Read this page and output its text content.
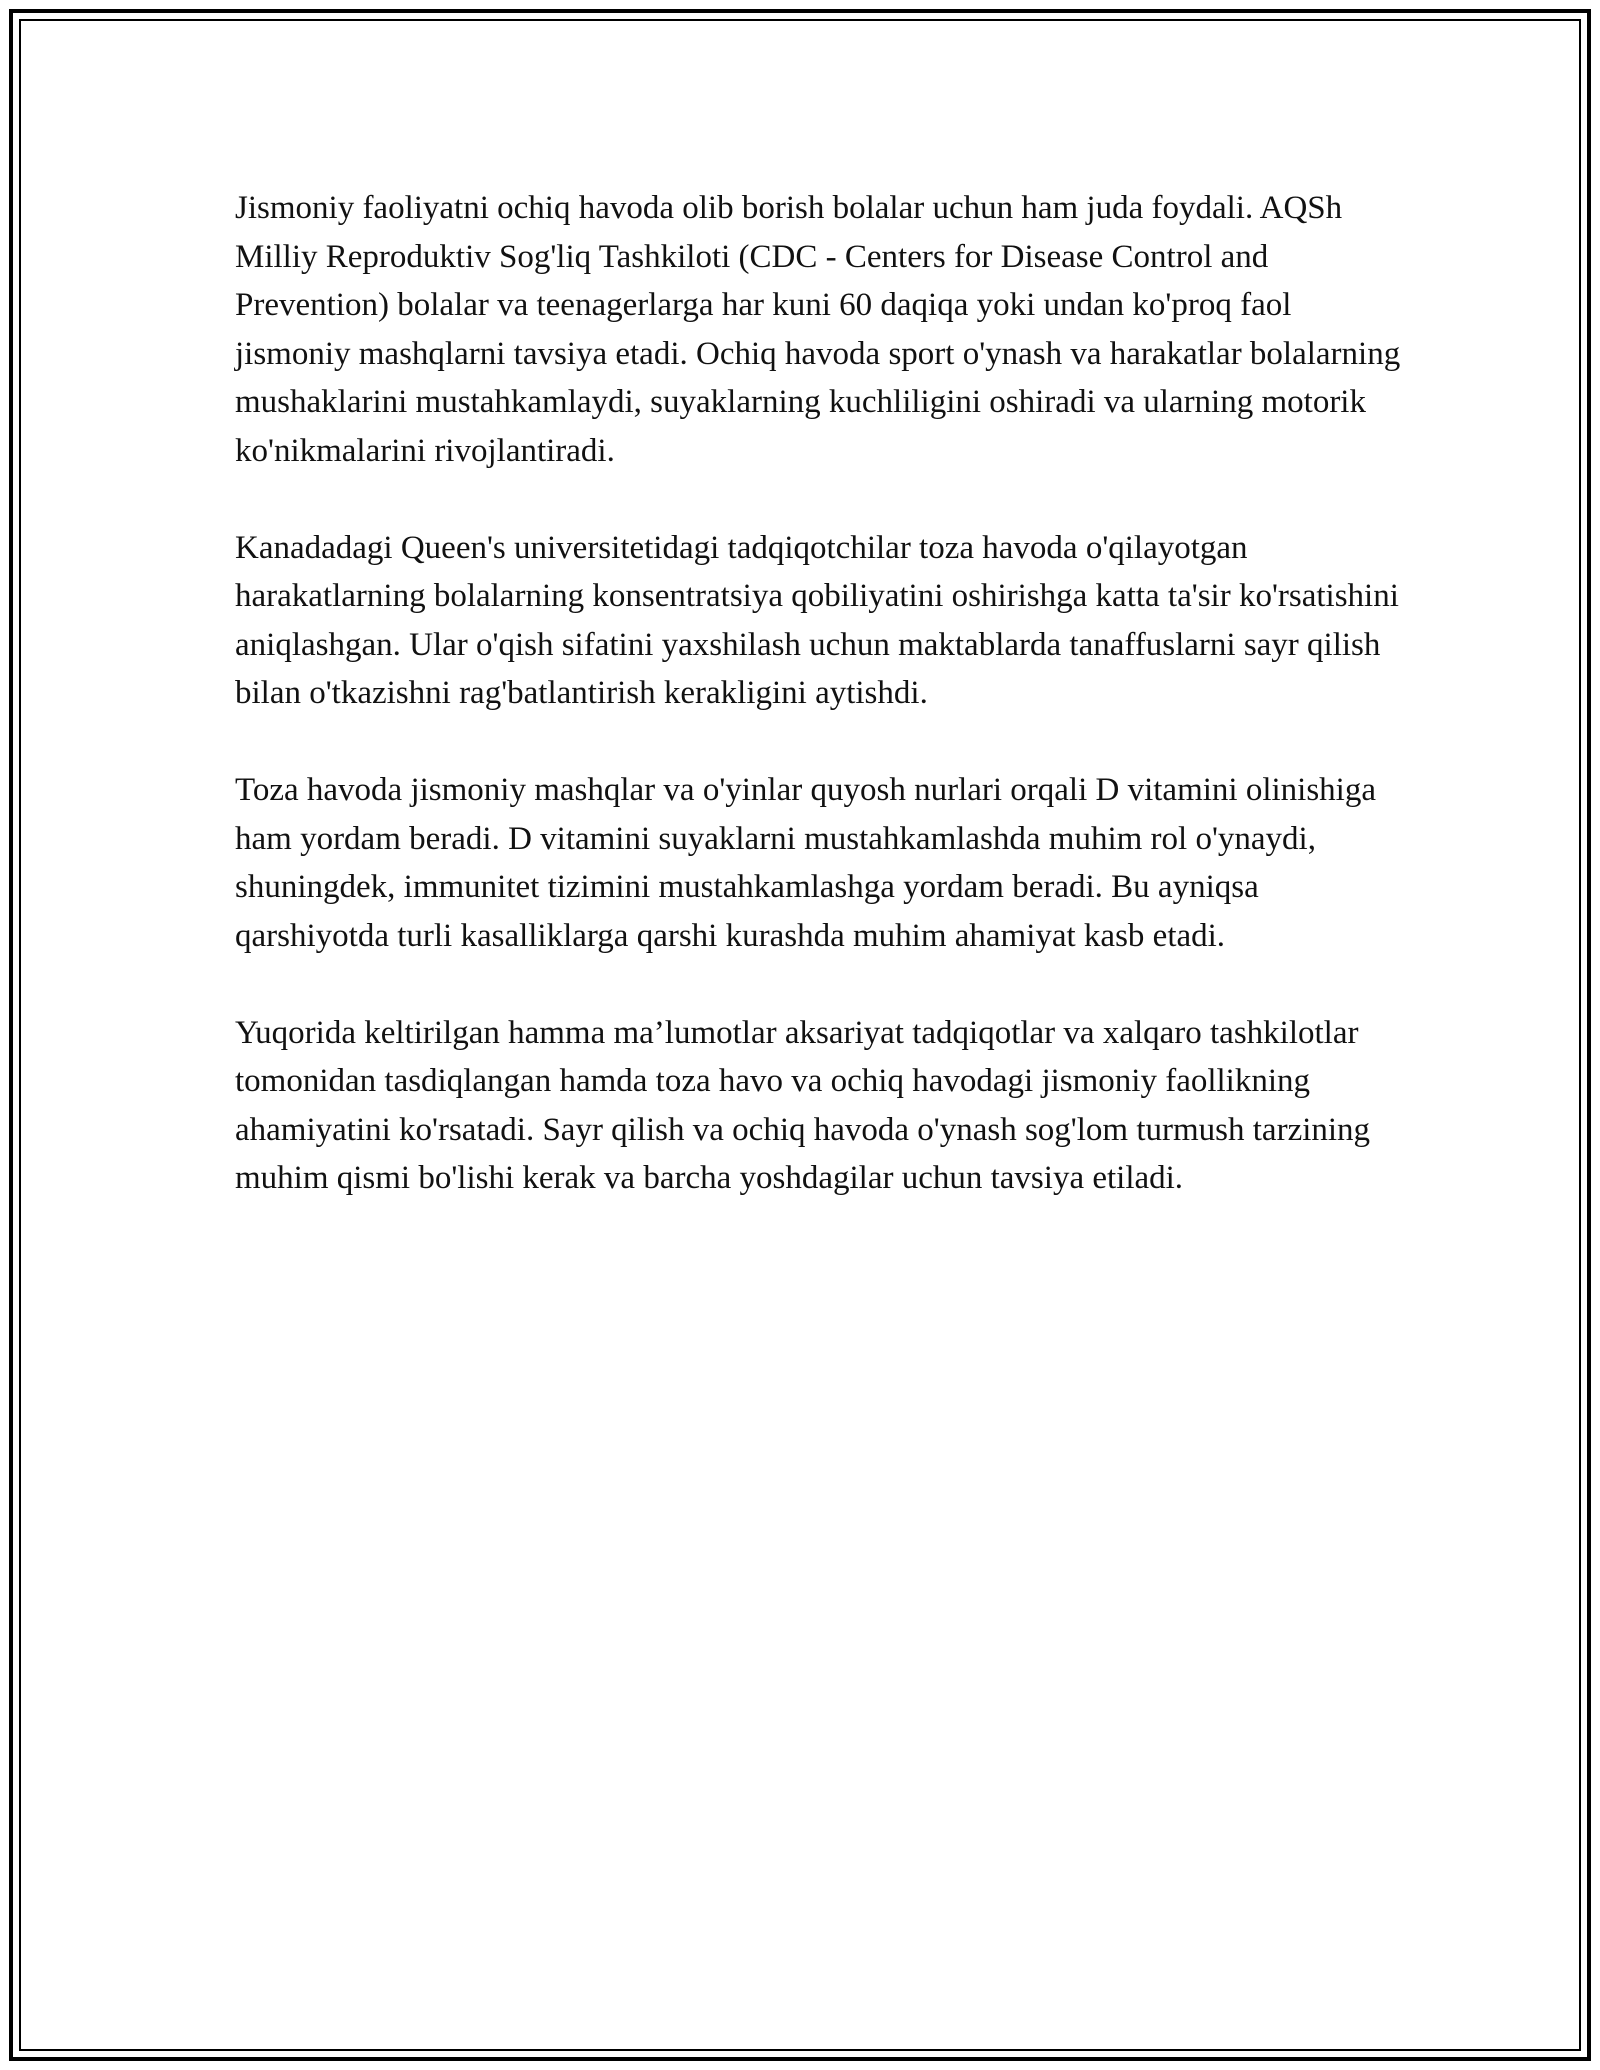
Jismoniy faoliyatni ochiq havoda olib borish bolalar uchun ham juda foydali. AQSh Milliy Reproduktiv Sog'liq Tashkiloti (CDC - Centers for Disease Control and Prevention) bolalar va teenagerlarga har kuni 60 daqiqa yoki undan ko'proq faol jismoniy mashqlarni tavsiya etadi. Ochiq havoda sport o'ynash va harakatlar bolalarning mushaklarini mustahkamlaydi, suyaklarning kuchliligini oshiradi va ularning motorik ko'nikmalarini rivojlantiradi.

Kanadadagi Queen's universitetidagi tadqiqotchilar toza havoda o'qilayotgan harakatlarning bolalarning konsentratsiya qobiliyatini oshirishga katta ta'sir ko'rsatishini aniqlashgan. Ular o'qish sifatini yaxshilash uchun maktablarda tanaffuslarni sayr qilish bilan o'tkazishni rag'batlantirish kerakligini aytishdi.

Toza havoda jismoniy mashqlar va o'yinlar quyosh nurlari orqali D vitamini olinishiga ham yordam beradi. D vitamini suyaklarni mustahkamlashda muhim rol o'ynaydi, shuningdek, immunitet tizimini mustahkamlashga yordam beradi. Bu ayniqsa qarshiyotda turli kasalliklarga qarshi kurashda muhim ahamiyat kasb etadi.

Yuqorida keltirilgan hamma ma’lumotlar aksariyat tadqiqotlar va xalqaro tashkilotlar tomonidan tasdiqlangan hamda toza havo va ochiq havodagi jismoniy faollikning ahamiyatini ko'rsatadi. Sayr qilish va ochiq havoda o'ynash sog'lom turmush tarzining muhim qismi bo'lishi kerak va barcha yoshdagilar uchun tavsiya etiladi.
